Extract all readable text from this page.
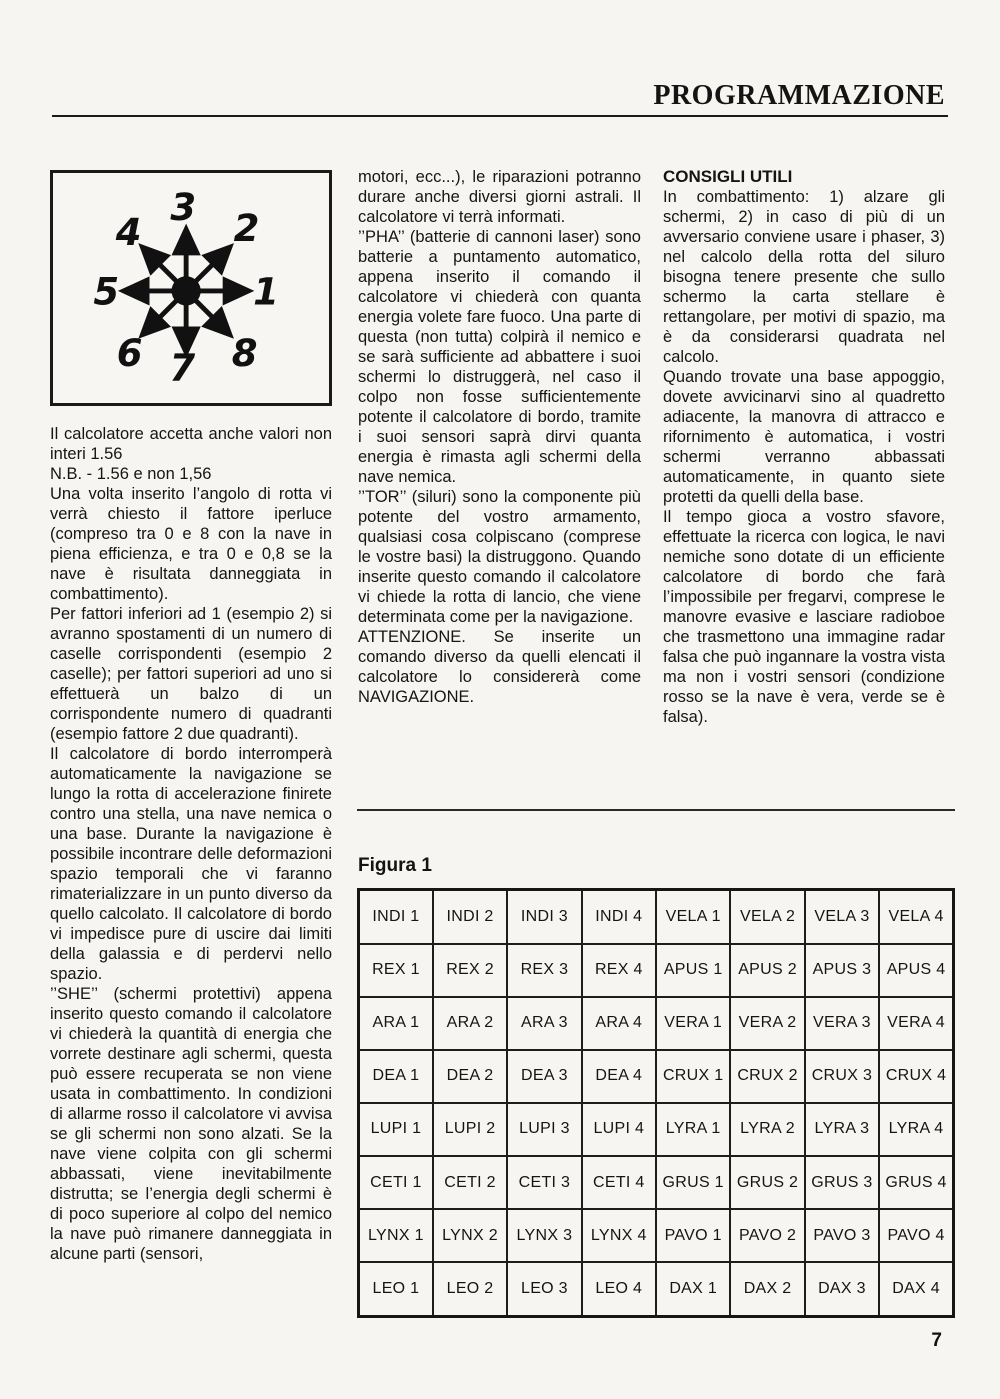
PROGRAMMAZIONE
1
2
3
4
5
6 7 8

Il calcolatore accetta anche valori non interi 1.56

N.B. - 1.56 e non 1,56

Una volta inserito l’angolo di rotta vi verrà chiesto il fattore iperluce (compreso tra 0 e 8 con la nave in piena efficienza, e tra 0 e 0,8 se la nave è risultata danneggiata in combattimento).

Per fattori inferiori ad 1 (esempio 2) si avranno spostamenti di un numero di caselle corrispondenti (esempio 2 caselle); per fattori superiori ad uno si effettuerà un balzo di un corrispondente numero di quadranti (esempio fattore 2 due quadranti).

Il calcolatore di bordo interromperà automaticamente la navigazione se lungo la rotta di accelerazione finirete contro una stella, una nave nemica o una base. Durante la navigazione è possibile incontrare delle deformazioni spazio temporali che vi faranno rimaterializzare in un punto diverso da quello calcolato. Il calcolatore di bordo vi impedisce pure di uscire dai limiti della galassia e di perdervi nello spazio.

’’SHE’’ (schermi protettivi) appena inserito questo comando il calcolatore vi chiederà la quantità di energia che vorrete destinare agli schermi, questa può essere recuperata se non viene usata in combattimento. In condizioni di allarme rosso il calcolatore vi avvisa se gli schermi non sono alzati. Se la nave viene colpita con gli schermi abbassati, viene inevitabilmente distrutta; se l’energia degli schermi è di poco superiore al colpo del nemico la nave può rimanere danneggiata in alcune parti (sensori,

motori, ecc...), le riparazioni potranno durare anche diversi giorni astrali. Il calcolatore vi terrà informati.

’’PHA’’ (batterie di cannoni laser) sono batterie a puntamento automatico, appena inserito il comando il calcolatore vi chiederà con quanta energia volete fare fuoco. Una parte di questa (non tutta) colpirà il nemico e se sarà sufficiente ad abbattere i suoi schermi lo distruggerà, nel caso il colpo non fosse sufficientemente potente il calcolatore di bordo, tramite i suoi sensori saprà dirvi quanta energia è rimasta agli schermi della nave nemica.

’’TOR’’ (siluri) sono la componente più potente del vostro armamento, qualsiasi cosa colpiscano (comprese le vostre basi) la distruggono. Quando inserite questo comando il calcolatore vi chiede la rotta di lancio, che viene determinata come per la navigazione.

ATTENZIONE. Se inserite un comando diverso da quelli elencati il calcolatore lo considererà come NAVIGAZIONE.

CONSIGLI UTILI

In combattimento: 1) alzare gli schermi, 2) in caso di più di un avversario conviene usare i phaser, 3) nel calcolo della rotta del siluro bisogna tenere presente che sullo schermo la carta stellare è rettangolare, per motivi di spazio, ma è da considerarsi quadrata nel calcolo.

Quando trovate una base appoggio, dovete avvicinarvi sino al quadretto adiacente, la manovra di attracco e rifornimento è automatica, i vostri schermi verranno abbassati automaticamente, in quanto siete protetti da quelli della base.

Il tempo gioca a vostro sfavore, effettuate la ricerca con logica, le navi nemiche sono dotate di un efficiente calcolatore di bordo che farà l’impossibile per fregarvi, comprese le manovre evasive e lasciare radioboe che trasmettono una immagine radar falsa che può ingannare la vostra vista ma non i vostri sensori (condizione rosso se la nave è vera, verde se è falsa).

Figura 1
INDI 1	INDI 2	INDI 3	INDI 4	VELA 1	VELA 2	VELA 3	VELA 4
REX 1	REX 2	REX 3	REX 4	APUS 1	APUS 2	APUS 3	APUS 4
ARA 1	ARA 2	ARA 3	ARA 4	VERA 1	VERA 2	VERA 3	VERA 4
DEA 1	DEA 2	DEA 3	DEA 4	CRUX 1	CRUX 2	CRUX 3	CRUX 4
LUPI 1	LUPI 2	LUPI 3	LUPI 4	LYRA 1	LYRA 2	LYRA 3	LYRA 4
CETI 1	CETI 2	CETI 3	CETI 4	GRUS 1	GRUS 2	GRUS 3	GRUS 4
LYNX 1	LYNX 2	LYNX 3	LYNX 4	PAVO 1	PAVO 2	PAVO 3	PAVO 4
LEO 1	LEO 2	LEO 3	LEO 4	DAX 1	DAX 2	DAX 3	DAX 4
7
